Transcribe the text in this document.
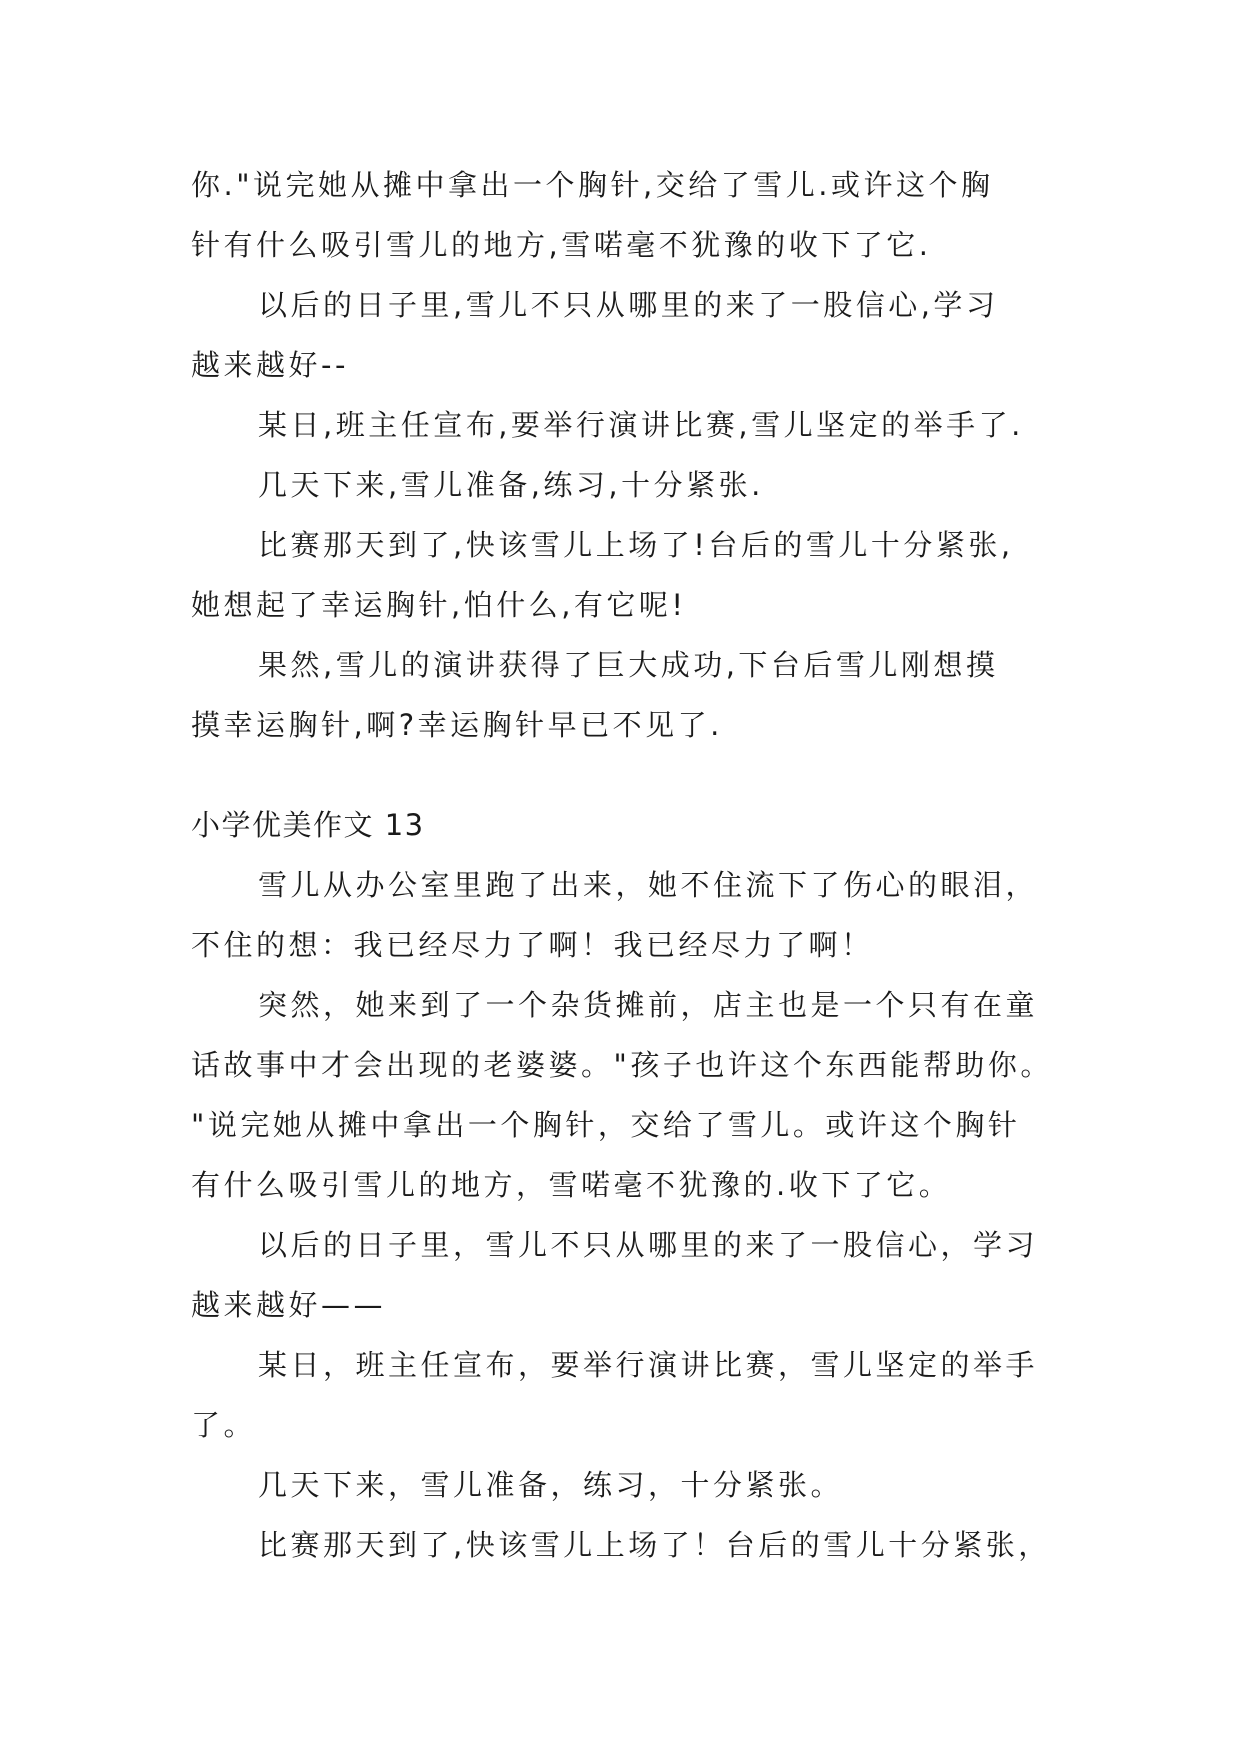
你."说完她从摊中拿出一个胸针,交给了雪儿.或许这个胸
针有什么吸引雪儿的地方,雪喏毫不犹豫的收下了它.
以后的日子里,雪儿不只从哪里的来了一股信心,学习
越来越好--
某日,班主任宣布,要举行演讲比赛,雪儿坚定的举手了.
几天下来,雪儿准备,练习,十分紧张.
比赛那天到了,快该雪儿上场了!台后的雪儿十分紧张,
她想起了幸运胸针,怕什么,有它呢!
果然,雪儿的演讲获得了巨大成功,下台后雪儿刚想摸
摸幸运胸针,啊?幸运胸针早已不见了.
小学优美作文 13
雪儿从办公室里跑了出来，她不住流下了伤心的眼泪，
不住的想：我已经尽力了啊！我已经尽力了啊！
突然，她来到了一个杂货摊前，店主也是一个只有在童
话故事中才会出现的老婆婆。"孩子也许这个东西能帮助你。
"说完她从摊中拿出一个胸针，交给了雪儿。或许这个胸针
有什么吸引雪儿的地方，雪喏毫不犹豫的.收下了它。
以后的日子里，雪儿不只从哪里的来了一股信心，学习
越来越好——
某日，班主任宣布，要举行演讲比赛，雪儿坚定的举手
了。
几天下来，雪儿准备，练习，十分紧张。
比赛那天到了,快该雪儿上场了！台后的雪儿十分紧张，
